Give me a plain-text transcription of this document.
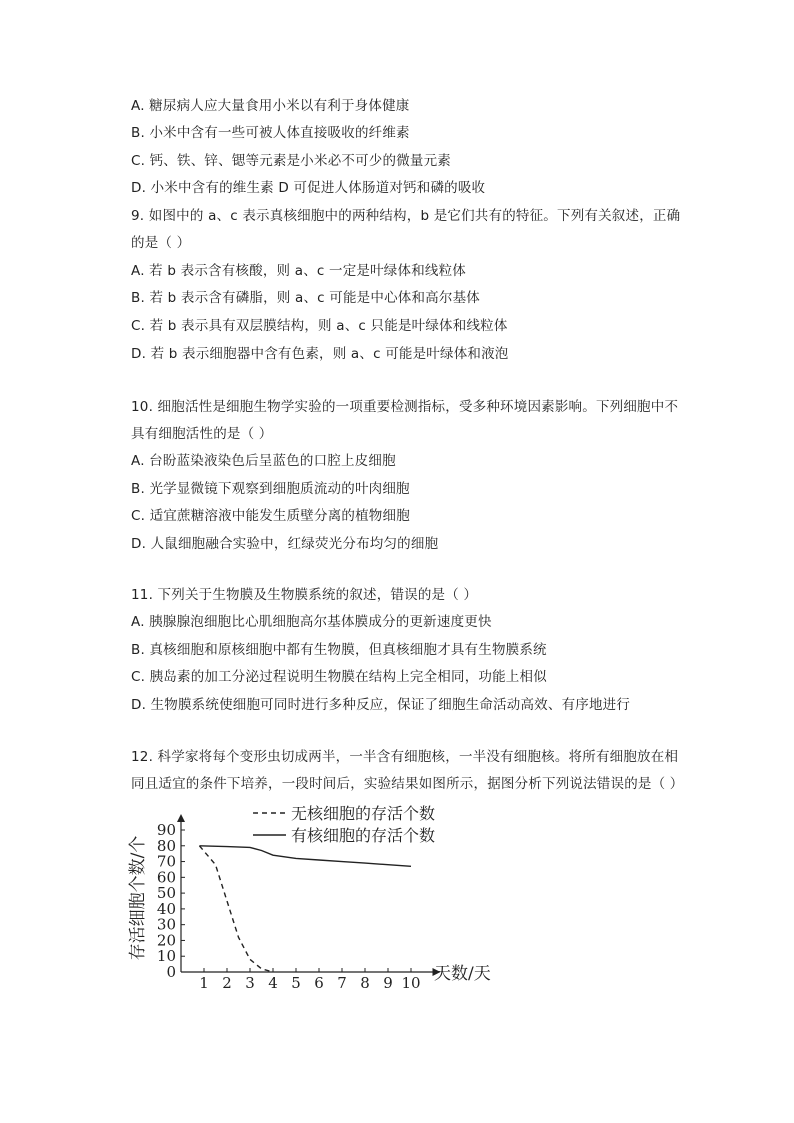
A. 糖尿病人应大量食用小米以有利于身体健康
B. 小米中含有一些可被人体直接吸收的纤维素
C. 钙、铁、锌、锶等元素是小米必不可少的微量元素
D. 小米中含有的维生素 D 可促进人体肠道对钙和磷的吸收
9. 如图中的 a、c 表示真核细胞中的两种结构，b 是它们共有的特征。下列有关叙述，正确
的是（ ）
A. 若 b 表示含有核酸，则 a、c 一定是叶绿体和线粒体
B. 若 b 表示含有磷脂，则 a、c 可能是中心体和高尔基体
C. 若 b 表示具有双层膜结构，则 a、c 只能是叶绿体和线粒体
D. 若 b 表示细胞器中含有色素，则 a、c 可能是叶绿体和液泡
10. 细胞活性是细胞生物学实验的一项重要检测指标，受多种环境因素影响。下列细胞中不
具有细胞活性的是（ ）
A. 台盼蓝染液染色后呈蓝色的口腔上皮细胞
B. 光学显微镜下观察到细胞质流动的叶肉细胞
C. 适宜蔗糖溶液中能发生质壁分离的植物细胞
D. 人鼠细胞融合实验中，红绿荧光分布均匀的细胞
11. 下列关于生物膜及生物膜系统的叙述，错误的是（ ）
A. 胰腺腺泡细胞比心肌细胞高尔基体膜成分的更新速度更快
B. 真核细胞和原核细胞中都有生物膜，但真核细胞才具有生物膜系统
C. 胰岛素的加工分泌过程说明生物膜在结构上完全相同，功能上相似
D. 生物膜系统使细胞可同时进行多种反应，保证了细胞生命活动高效、有序地进行
12. 科学家将每个变形虫切成两半，一半含有细胞核，一半没有细胞核。将所有细胞放在相
同且适宜的条件下培养，一段时间后，实验结果如图所示，据图分析下列说法错误的是（ ）
0
10
20
30
40
50
60
70
80
90
1 2 3 4 5 6 7 8 9 10
无核细胞的存活个数
有核细胞的存活个数
存活细胞个数/个
天数/天
